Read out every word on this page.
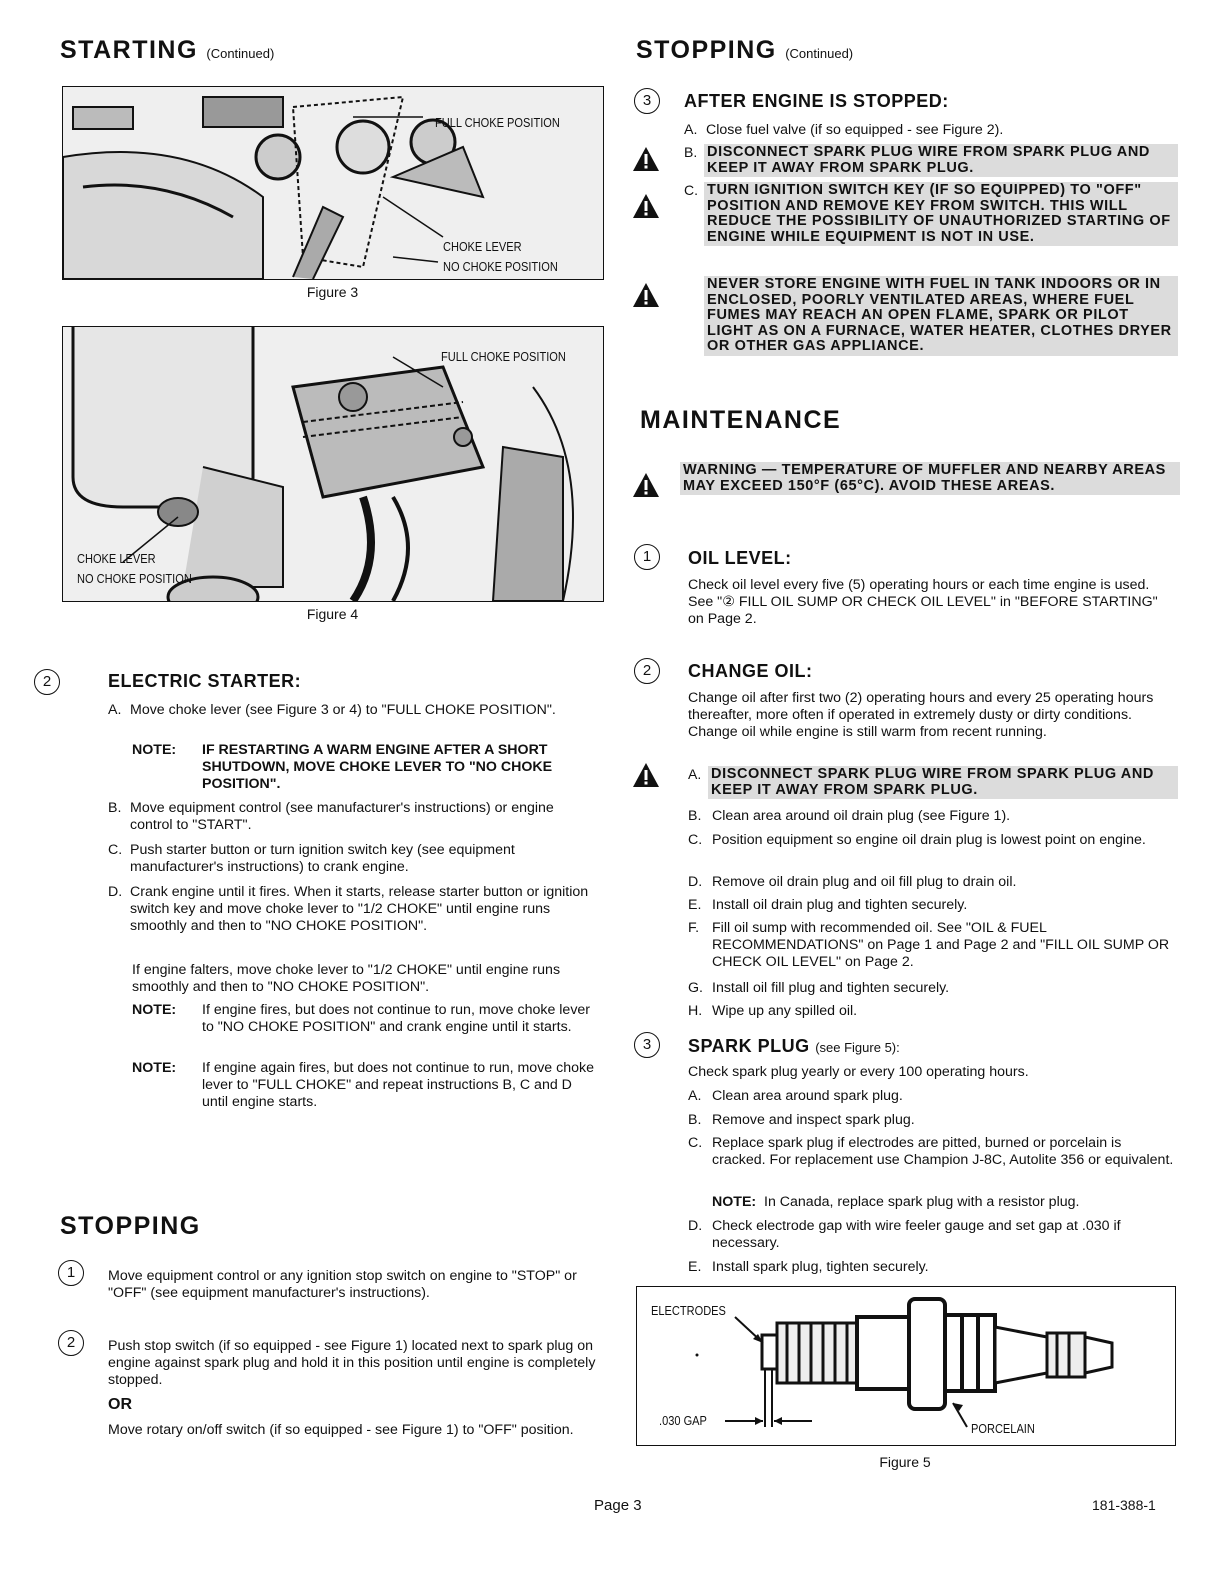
STARTING (Continued)
FULL CHOKE POSITION
CHOKE LEVER
NO CHOKE POSITION
Figure 3
FULL CHOKE POSITION
CHOKE LEVER
NO CHOKE POSITION
Figure 4
2	ELECTRIC STARTER:
A. Move choke lever (see Figure 3 or 4) to "FULL CHOKE POSITION".
NOTE:	IF RESTARTING A WARM ENGINE AFTER A SHORT SHUTDOWN, MOVE CHOKE LEVER TO "NO CHOKE POSITION".
B. Move equipment control (see manufacturer's instructions) or engine control to "START".
C. Push starter button or turn ignition switch key (see equipment manufacturer's instructions) to crank engine.
D. Crank engine until it fires. When it starts, release starter button or ignition switch key and move choke lever to "1/2 CHOKE" until engine runs smoothly and then to "NO CHOKE POSITION".
If engine falters, move choke lever to "1/2 CHOKE" until engine runs smoothly and then to "NO CHOKE POSITION".
NOTE:	If engine fires, but does not continue to run, move choke lever to "NO CHOKE POSITION" and crank engine until it starts.
NOTE:	If engine again fires, but does not continue to run, move choke lever to "FULL CHOKE" and repeat instructions B, C and D until engine starts.
STOPPING
1	Move equipment control or any ignition stop switch on engine to "STOP" or "OFF" (see equipment manufacturer's instructions).
2	Push stop switch (if so equipped - see Figure 1) located next to spark plug on engine against spark plug and hold it in this position until engine is completely stopped.
OR
Move rotary on/off switch (if so equipped - see Figure 1) to "OFF" position.
STOPPING (Continued)
3	AFTER ENGINE IS STOPPED:
A. Close fuel valve (if so equipped - see Figure 2).
B. DISCONNECT SPARK PLUG WIRE FROM SPARK PLUG AND KEEP IT AWAY FROM SPARK PLUG.
C. TURN IGNITION SWITCH KEY (IF SO EQUIPPED) TO "OFF" POSITION AND REMOVE KEY FROM SWITCH. THIS WILL REDUCE THE POSSIBILITY OF UNAUTHORIZED STARTING OF ENGINE WHILE EQUIPMENT IS NOT IN USE.
NEVER STORE ENGINE WITH FUEL IN TANK INDOORS OR IN ENCLOSED, POORLY VENTILATED AREAS, WHERE FUEL FUMES MAY REACH AN OPEN FLAME, SPARK OR PILOT LIGHT AS ON A FURNACE, WATER HEATER, CLOTHES DRYER OR OTHER GAS APPLIANCE.
MAINTENANCE
WARNING — TEMPERATURE OF MUFFLER AND NEARBY AREAS MAY EXCEED 150°F (65°C). AVOID THESE AREAS.
1	OIL LEVEL:
Check oil level every five (5) operating hours or each time engine is used. See "② FILL OIL SUMP OR CHECK OIL LEVEL" in "BEFORE STARTING" on Page 2.
2	CHANGE OIL:
Change oil after first two (2) operating hours and every 25 operating hours thereafter, more often if operated in extremely dusty or dirty conditions. Change oil while engine is still warm from recent running.
A. DISCONNECT SPARK PLUG WIRE FROM SPARK PLUG AND KEEP IT AWAY FROM SPARK PLUG.
B. Clean area around oil drain plug (see Figure 1).
C. Position equipment so engine oil drain plug is lowest point on engine.
D. Remove oil drain plug and oil fill plug to drain oil.
E. Install oil drain plug and tighten securely.
F. Fill oil sump with recommended oil. See "OIL & FUEL RECOMMENDATIONS" on Page 1 and Page 2 and "FILL OIL SUMP OR CHECK OIL LEVEL" on Page 2.
G. Install oil fill plug and tighten securely.
H. Wipe up any spilled oil.
3	SPARK PLUG (see Figure 5):
Check spark plug yearly or every 100 operating hours.
A. Clean area around spark plug.
B. Remove and inspect spark plug.
C. Replace spark plug if electrodes are pitted, burned or porcelain is cracked. For replacement use Champion J-8C, Autolite 356 or equivalent.
NOTE: In Canada, replace spark plug with a resistor plug.
D. Check electrode gap with wire feeler gauge and set gap at .030 if necessary.
E. Install spark plug, tighten securely.
ELECTRODES
.030 GAP
PORCELAIN
Figure 5
Page 3	181-388-1
